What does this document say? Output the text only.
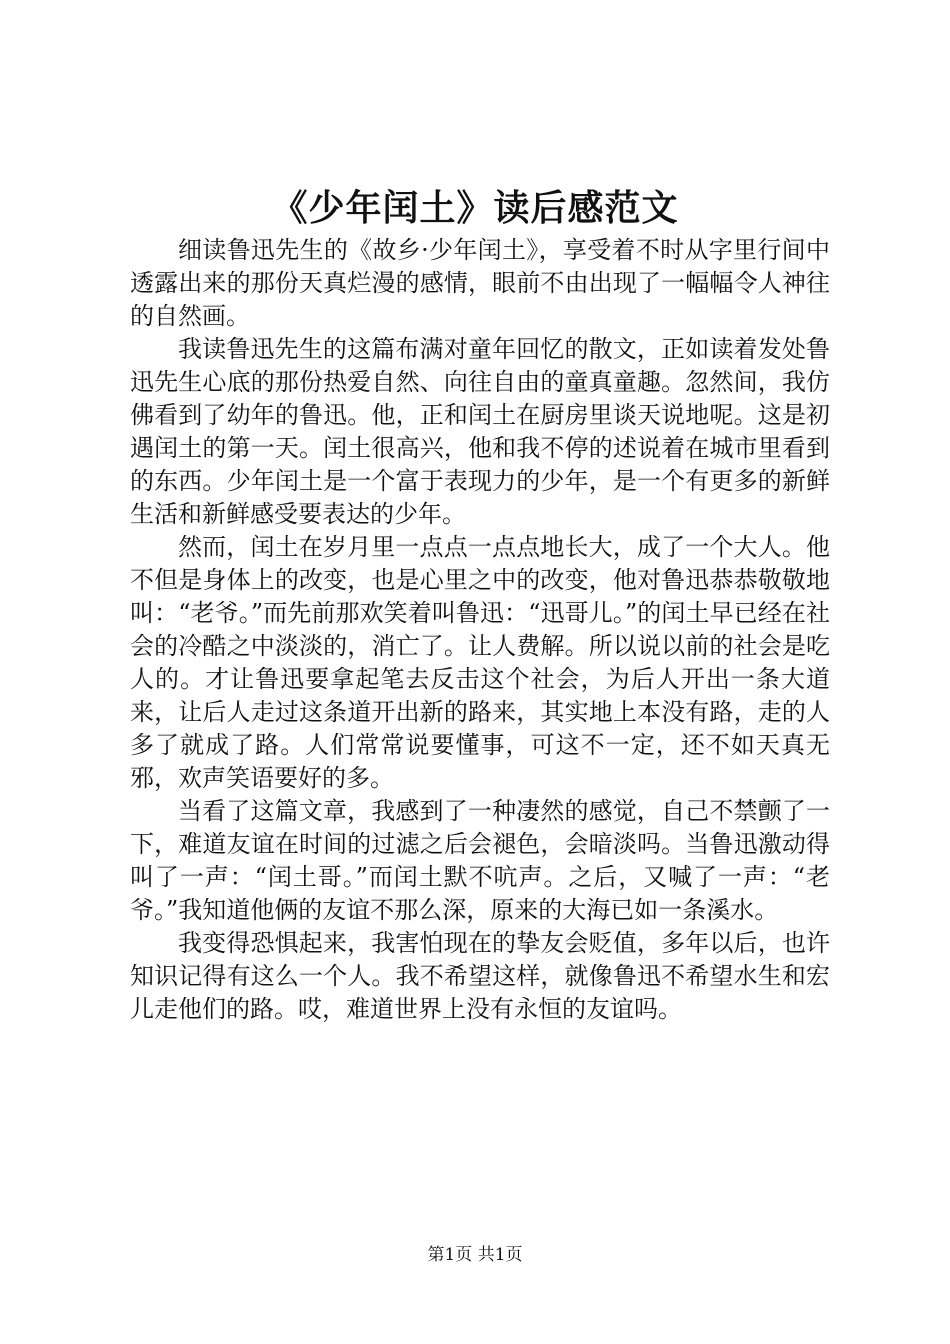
《少年闰土》读后感范文

细读鲁迅先生的《故乡·少年闰土》，享受着不时从字里行间中透露出来的那份天真烂漫的感情，眼前不由出现了一幅幅令人神往的自然画。

我读鲁迅先生的这篇布满对童年回忆的散文，正如读着发处鲁迅先生心底的那份热爱自然、向往自由的童真童趣。忽然间，我仿佛看到了幼年的鲁迅。他，正和闰土在厨房里谈天说地呢。这是初遇闰土的第一天。闰土很高兴，他和我不停的述说着在城市里看到的东西。少年闰土是一个富于表现力的少年，是一个有更多的新鲜生活和新鲜感受要表达的少年。

然而，闰土在岁月里一点点一点点地长大，成了一个大人。他不但是身体上的改变，也是心里之中的改变，他对鲁迅恭恭敬敬地叫：“老爷。”而先前那欢笑着叫鲁迅：“迅哥儿。”的闰土早已经在社会的冷酷之中淡淡的，消亡了。让人费解。所以说以前的社会是吃人的。才让鲁迅要拿起笔去反击这个社会，为后人开出一条大道来，让后人走过这条道开出新的路来，其实地上本没有路，走的人多了就成了路。人们常常说要懂事，可这不一定，还不如天真无邪，欢声笑语要好的多。

当看了这篇文章，我感到了一种凄然的感觉，自己不禁颤了一下，难道友谊在时间的过滤之后会褪色，会暗淡吗。当鲁迅激动得叫了一声：“闰土哥。”而闰土默不吭声。之后，又喊了一声：“老爷。”我知道他俩的友谊不那么深，原来的大海已如一条溪水。

我变得恐惧起来，我害怕现在的挚友会贬值，多年以后，也许知识记得有这么一个人。我不希望这样，就像鲁迅不希望水生和宏儿走他们的路。哎，难道世界上没有永恒的友谊吗。

第1页 共1页
